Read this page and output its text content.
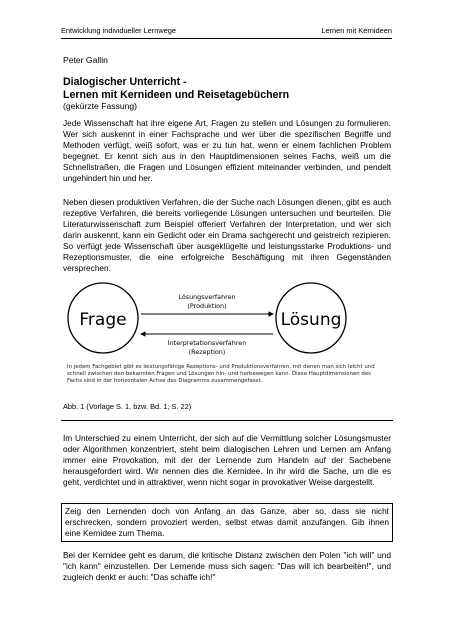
Entwicklung individueller Lernwege	Lernen mit Kernideen
Peter Gallin
Dialogischer Unterricht -
Lernen mit Kernideen und Reisetagebüchern
(gekürzte Fassung)
Jede Wissenschaft hat ihre eigene Art, Fragen zu stellen und Lösungen zu formulieren. Wer sich auskennt in einer Fachsprache und wer über die spezifischen Begriffe und Methoden verfügt, weiß sofort, was er zu tun hat, wenn er einem fachlichen Problem begegnet. Er kennt sich aus in den Hauptdimensionen seines Fachs, weiß um die Schnellstraßen, die Fragen und Lösungen effizient miteinander verbinden, und pendelt ungehindert hin und her.
Neben diesen produktiven Verfahren, die der Suche nach Lösungen dienen, gibt es auch rezeptive Verfahren, die bereits vorliegende Lösungen untersuchen und beurteilen. Die Literaturwissenschaft zum Beispiel offeriert Verfahren der Interpretation, und wer sich darin auskennt, kann ein Gedicht oder ein Drama sachgerecht und geistreich rezipieren. So verfügt jede Wissenschaft über ausgeklügelte und leistungsstarke Produktions- und Rezeptionsmuster, die eine erfolgreiche Beschäftigung mit ihren Gegenständen versprechen.
Frage	Lösung
Lösungsverfahren
(Produktion)
Interpretationsverfahren
(Rezeption)
In jedem Fachgebiet gibt es leistungsfähige Rezeptions- und Produktionsverfahren, mit denen man sich leicht und schnell zwischen den bekannten Fragen und Lösungen hin- und herbewegen kann. Diese Hauptdimensionen des Fachs sind in der horizontalen Achse des Diagramms zusammengefasst.
Abb. 1 (Vorlage S. 1, bzw. Bd. 1, S. 22)
Im Unterschied zu einem Unterricht, der sich auf die Vermittlung solcher Lösungsmuster oder Algorithmen konzentriert, steht beim dialogischen Lehren und Lernen am Anfang immer eine Provokation, mit der der Lernende zum Handeln auf der Sachebene herausgefordert wird. Wir nennen dies die Kernidee. In ihr wird die Sache, um die es geht, verdichtet und in attraktiver, wenn nicht sogar in provokativer Weise dargestellt.
Zeig den Lernenden doch von Anfang an das Ganze, aber so, dass sie nicht erschrecken, sondern provoziert werden, selbst etwas damit anzufangen. Gib ihnen eine Kernidee zum Thema.
Bei der Kernidee geht es darum, die kritische Distanz zwischen den Polen "ich will" und "ich kann" einzustellen. Der Lernende muss sich sagen: "Das will ich bearbeiten!", und zugleich denkt er auch: "Das schaffe ich!"
